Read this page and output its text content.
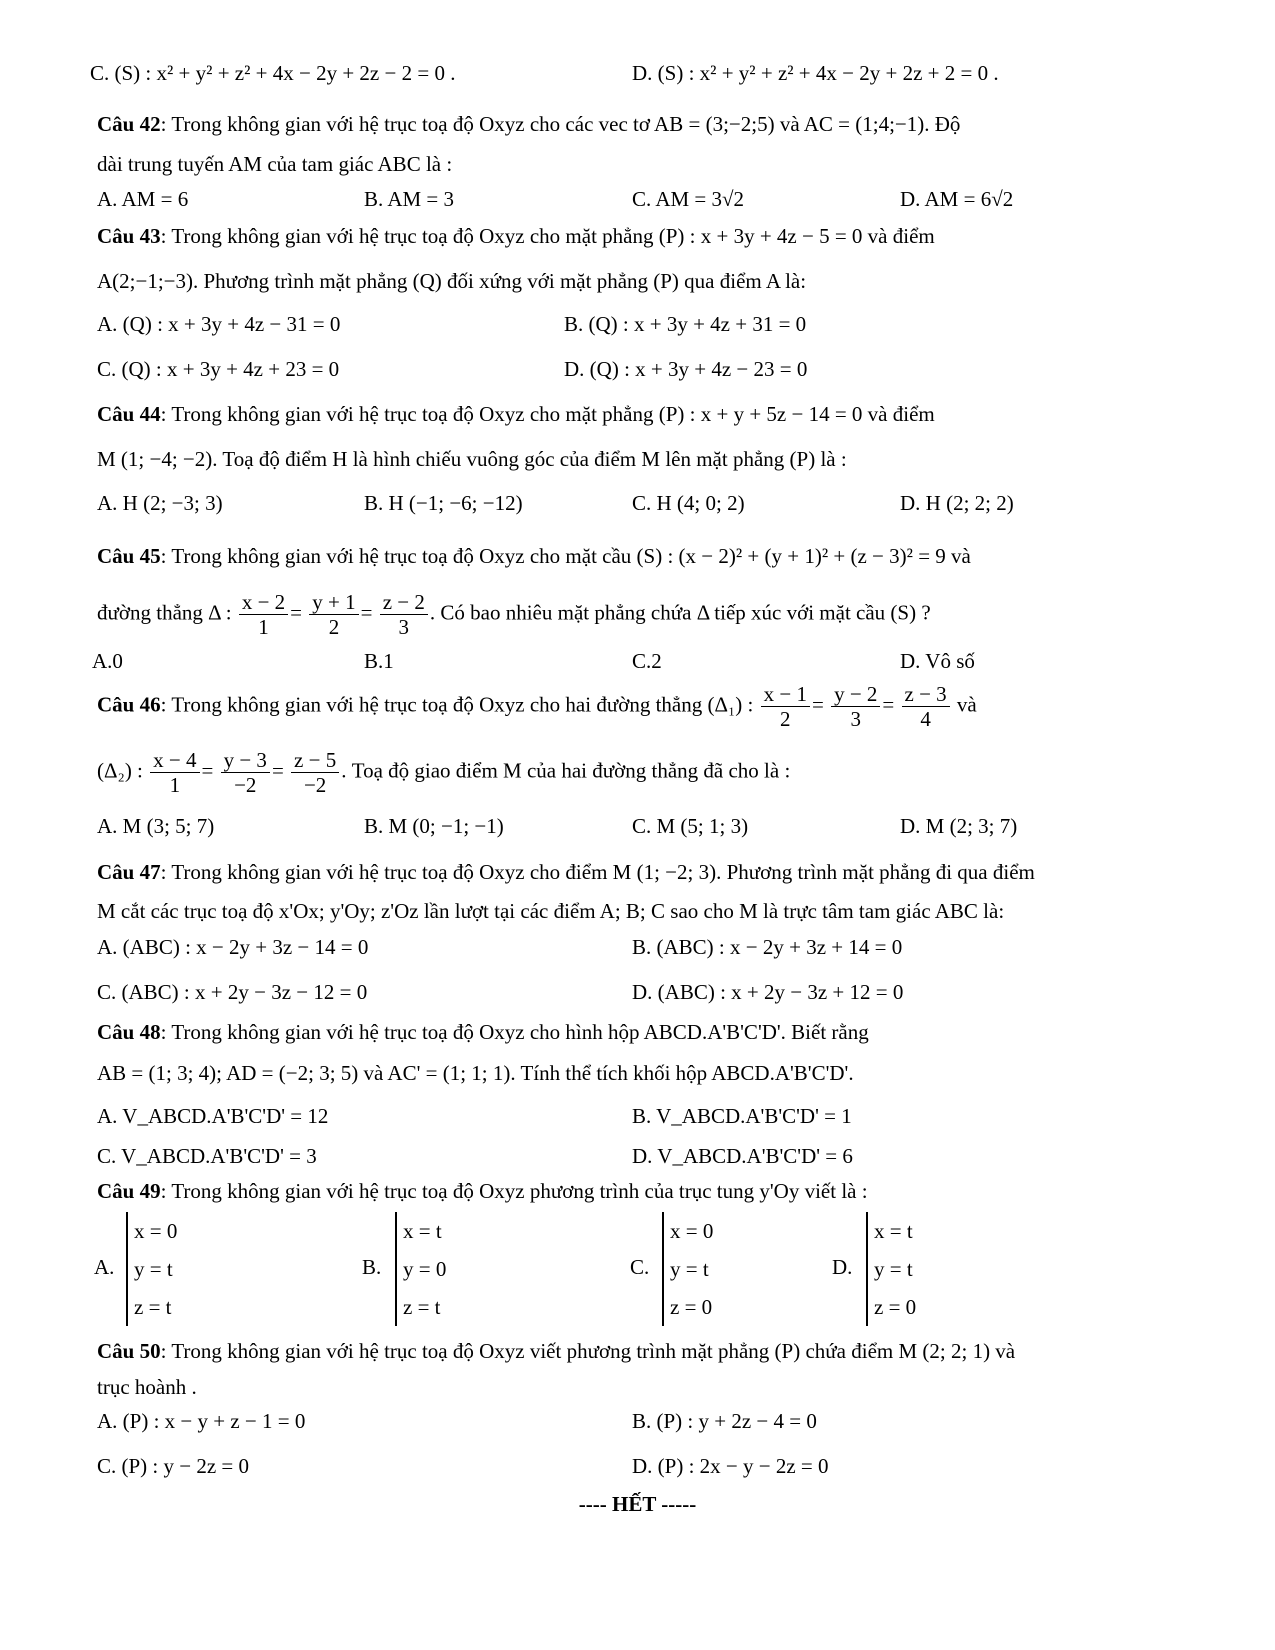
C. (S) : x² + y² + z² + 4x − 2y + 2z − 2 = 0 .	D. (S) : x² + y² + z² + 4x − 2y + 2z + 2 = 0 .
Câu 42: Trong không gian với hệ trục toạ độ Oxyz cho các vec tơ AB = (3;−2;5) và AC = (1;4;−1). Độ
dài trung tuyến AM của tam giác ABC là :
A. AM = 6	B. AM = 3	C. AM = 3√2	D. AM = 6√2
Câu 43: Trong không gian với hệ trục toạ độ Oxyz cho mặt phẳng (P) : x + 3y + 4z − 5 = 0 và điểm
A(2;−1;−3). Phương trình mặt phẳng (Q) đối xứng với mặt phẳng (P) qua điểm A là:
A. (Q) : x + 3y + 4z − 31 = 0	B. (Q) : x + 3y + 4z + 31 = 0
C. (Q) : x + 3y + 4z + 23 = 0	D. (Q) : x + 3y + 4z − 23 = 0
Câu 44: Trong không gian với hệ trục toạ độ Oxyz cho mặt phẳng (P) : x + y + 5z − 14 = 0 và điểm
M (1; −4; −2). Toạ độ điểm H là hình chiếu vuông góc của điểm M lên mặt phẳng (P) là :
A. H (2; −3; 3)	B. H (−1; −6; −12)	C. H (4; 0; 2)	D. H (2; 2; 2)
Câu 45: Trong không gian với hệ trục toạ độ Oxyz cho mặt cầu (S) : (x − 2)² + (y + 1)² + (z − 3)² = 9 và
đường thẳng Δ : $\frac{x - 2}{1} = \frac{y + 1}{2} = \frac{z - 2}{3}$ . Có bao nhiêu mặt phẳng chứa Δ tiếp xúc với mặt cầu (S) ?
A.0	B.1	C.2	D. Vô số
Câu 46: Trong không gian với hệ trục toạ độ Oxyz cho hai đường thẳng (Δ₁) : $\frac{x - 1}{2} = \frac{y - 2}{3} = \frac{z - 3}{4}$ và
(Δ₂) : $\frac{x - 4}{1} = \frac{y - 3}{-2} = \frac{z - 5}{-2}$ . Toạ độ giao điểm M của hai đường thẳng đã cho là :
A. M (3; 5; 7)	B. M (0; −1; −1)	C. M (5; 1; 3)	D. M (2; 3; 7)
Câu 47: Trong không gian với hệ trục toạ độ Oxyz cho điểm M (1; −2; 3). Phương trình mặt phẳng đi qua điểm
M cắt các trục toạ độ x'Ox; y'Oy; z'Oz lần lượt tại các điểm A; B; C sao cho M là trực tâm tam giác ABC là:
A. (ABC) : x − 2y + 3z − 14 = 0	B. (ABC) : x − 2y + 3z + 14 = 0
C. (ABC) : x + 2y − 3z − 12 = 0	D. (ABC) : x + 2y − 3z + 12 = 0
Câu 48: Trong không gian với hệ trục toạ độ Oxyz cho hình hộp ABCD.A'B'C'D'. Biết rằng
AB = (1; 3; 4); AD = (−2; 3; 5) và AC' = (1; 1; 1). Tính thể tích khối hộp ABCD.A'B'C'D'.
A. V_ABCD.A'B'C'D' = 12	B. V_ABCD.A'B'C'D' = 1
C. V_ABCD.A'B'C'D' = 3	D. V_ABCD.A'B'C'D' = 6
Câu 49: Trong không gian với hệ trục toạ độ Oxyz phương trình của trục tung y'Oy viết là :
A.
x = 0
y = t
z = t
B.
x = t
y = 0
z = t
C.
x = 0
y = t
z = 0
D.
x = t
y = t
z = 0
Câu 50: Trong không gian với hệ trục toạ độ Oxyz viết phương trình mặt phẳng (P) chứa điểm M (2; 2; 1) và
trục hoành .
A. (P) : x − y + z − 1 = 0	B. (P) : y + 2z − 4 = 0
C. (P) : y − 2z = 0	D. (P) : 2x − y − 2z = 0
---- HẾT -----
